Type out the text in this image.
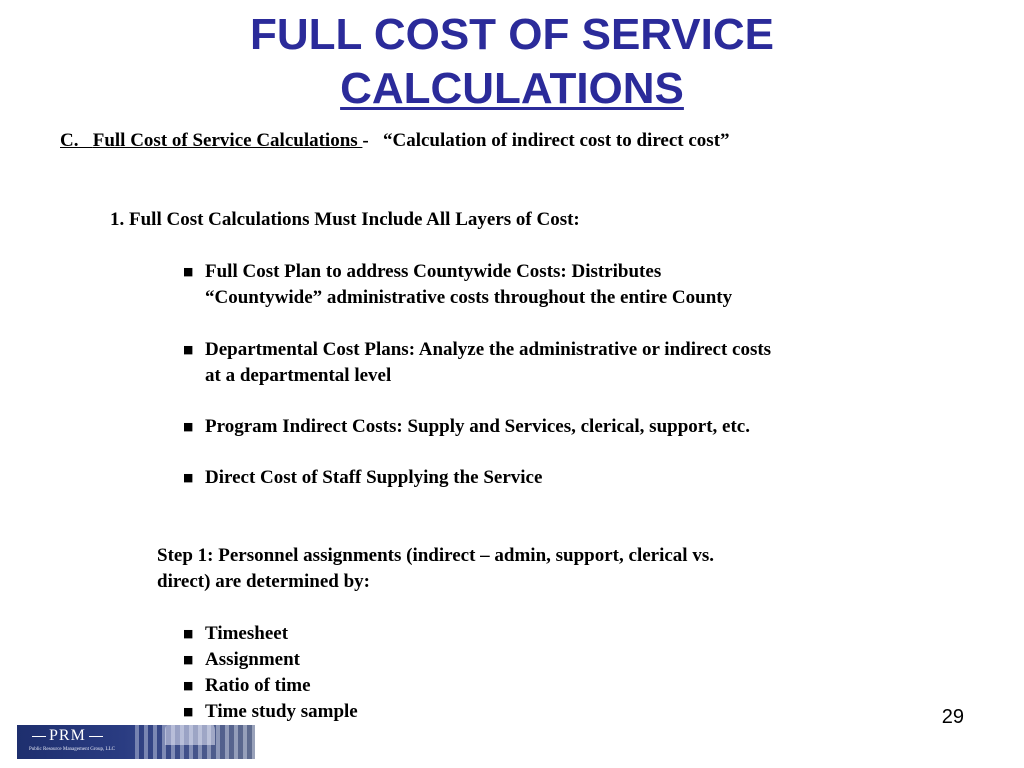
FULL COST OF SERVICE
CALCULATIONS
C. Full Cost of Service Calculations - “Calculation of indirect cost to direct cost”
1. Full Cost Calculations Must Include All Layers of Cost:
■ Full Cost Plan to address Countywide Costs: Distributes
“Countywide” administrative costs throughout the entire County
■ Departmental Cost Plans: Analyze the administrative or indirect costs
at a departmental level
■ Program Indirect Costs: Supply and Services, clerical, support, etc.
■ Direct Cost of Staff Supplying the Service
Step 1: Personnel assignments (indirect – admin, support, clerical vs.
direct) are determined by:
■ Timesheet
■ Assignment
■ Ratio of time
■ Time study sample	29
PRM
Public Resource Management Group, LLC
